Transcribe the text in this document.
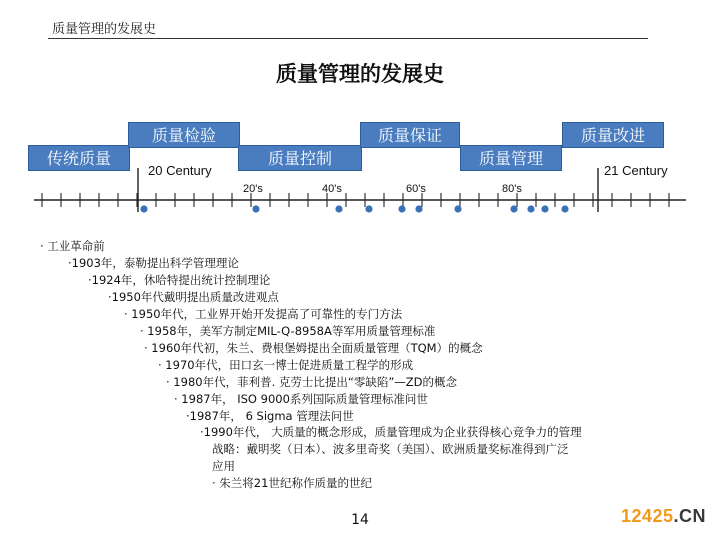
质量管理的发展史
质量管理的发展史
传统质量
质量检验
质量控制
质量保证
质量管理
质量改进
20 Century	21 Century
20's	40's	60's	80's
· 工业革命前
·1903年，泰勒提出科学管理理论
·1924年，休哈特提出统计控制理论
·1950年代戴明提出质量改进观点
· 1950年代，工业界开始开发提高了可靠性的专门方法
· 1958年，美军方制定MIL-Q-8958A等军用质量管理标准
· 1960年代初，朱兰、费根堡姆提出全面质量管理（TQM）的概念
· 1970年代，田口玄一博士促进质量工程学的形成
· 1980年代，菲利普. 克劳士比提出“零缺陷”—ZD的概念
· 1987年， ISO 9000系列国际质量管理标准问世
·1987年， 6 Sigma 管理法问世
·1990年代， 大质量的概念形成，质量管理成为企业获得核心竞争力的管理
战略：戴明奖（日本）、波多里奇奖（美国）、欧洲质量奖标准得到广泛
应用
· 朱兰将21世纪称作质量的世纪
14	12425.CN
